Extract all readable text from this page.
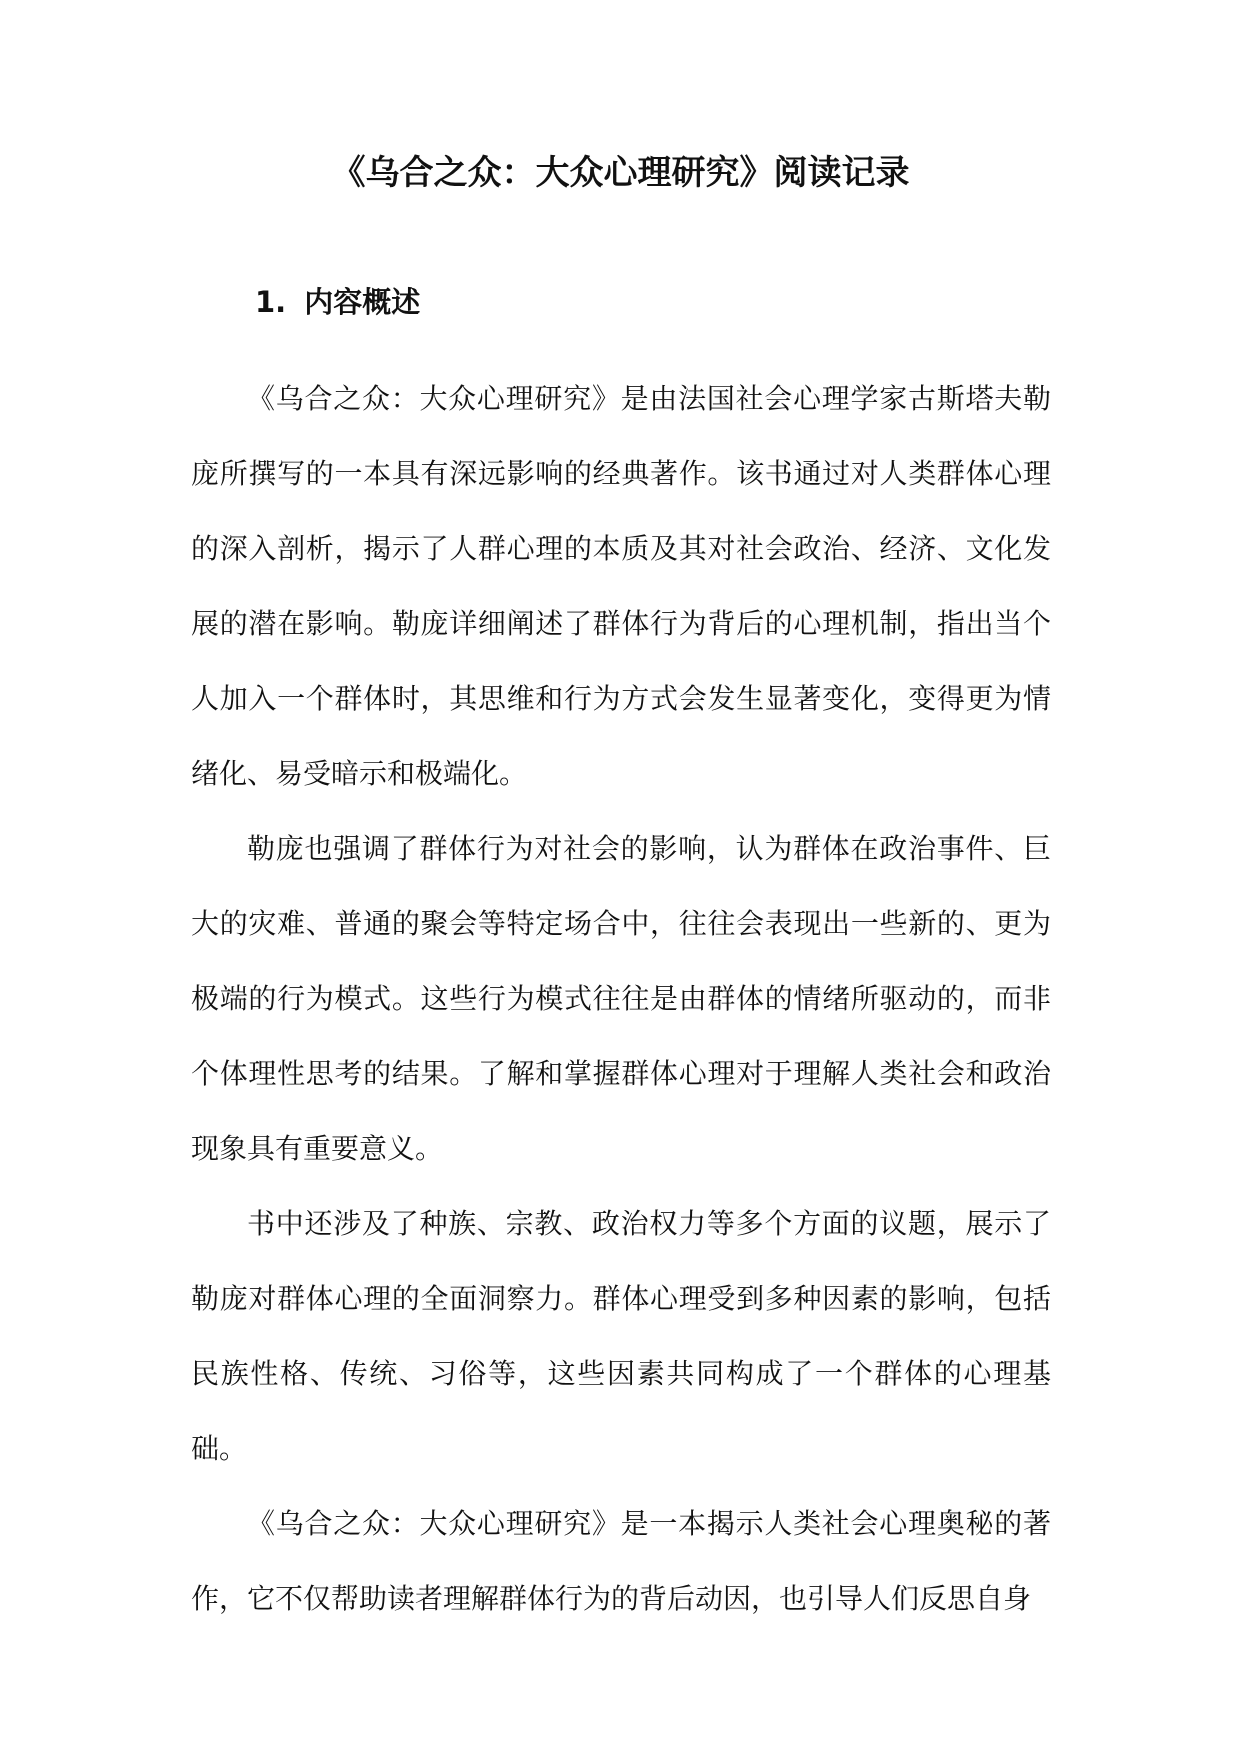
《乌合之众：大众心理研究》阅读记录
1. 内容概述

《乌合之众：大众心理研究》是由法国社会心理学家古斯塔夫勒庞所撰写的一本具有深远影响的经典著作。该书通过对人类群体心理的深入剖析，揭示了人群心理的本质及其对社会政治、经济、文化发展的潜在影响。勒庞详细阐述了群体行为背后的心理机制，指出当个人加入一个群体时，其思维和行为方式会发生显著变化，变得更为情绪化、易受暗示和极端化。

勒庞也强调了群体行为对社会的影响，认为群体在政治事件、巨大的灾难、普通的聚会等特定场合中，往往会表现出一些新的、更为极端的行为模式。这些行为模式往往是由群体的情绪所驱动的，而非个体理性思考的结果。了解和掌握群体心理对于理解人类社会和政治现象具有重要意义。

书中还涉及了种族、宗教、政治权力等多个方面的议题，展示了勒庞对群体心理的全面洞察力。群体心理受到多种因素的影响，包括民族性格、传统、习俗等，这些因素共同构成了一个群体的心理基础。

《乌合之众：大众心理研究》是一本揭示人类社会心理奥秘的著作，它不仅帮助读者理解群体行为的背后动因，也引导人们反思自身
